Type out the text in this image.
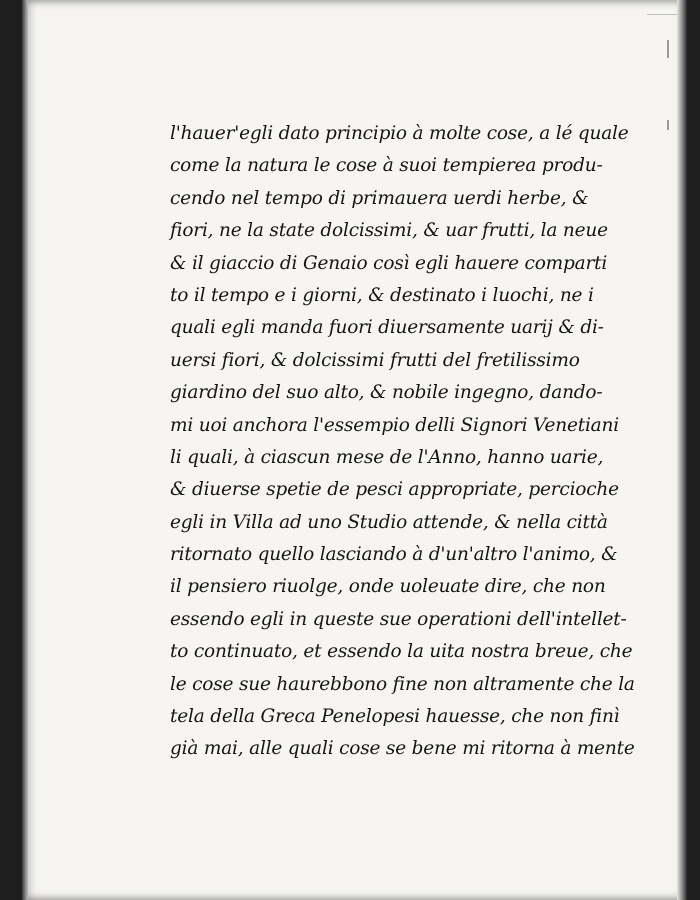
l'hauer'egli dato principio à molte cose, a lé quale
come la natura le cose à suoi tempierea produ-
cendo nel tempo di primauera uerdi herbe, &
fiori, ne la state dolcissimi, & uar frutti, la neue
& il giaccio di Genaio così egli hauere comparti
to il tempo e i giorni, & destinato i luochi, ne i
quali egli manda fuori diuersamente uarij & di-
uersi fiori, & dolcissimi frutti del fretilissimo
giardino del suo alto, & nobile ingegno, dando-
mi uoi anchora l'essempio delli Signori Venetiani
li quali, à ciascun mese de l'Anno, hanno uarie,
& diuerse spetie de pesci appropriate, percioche
egli in Villa ad uno Studio attende, & nella città
ritornato quello lasciando à d'un'altro l'animo, &
il pensiero riuolge, onde uoleuate dire, che non
essendo egli in queste sue operationi dell'intellet-
to continuato, et essendo la uita nostra breue, che
le cose sue haurebbono fine non altramente che la
tela della Greca Penelopesi hauesse, che non finì
già mai, alle quali cose se bene mi ritorna à mente
